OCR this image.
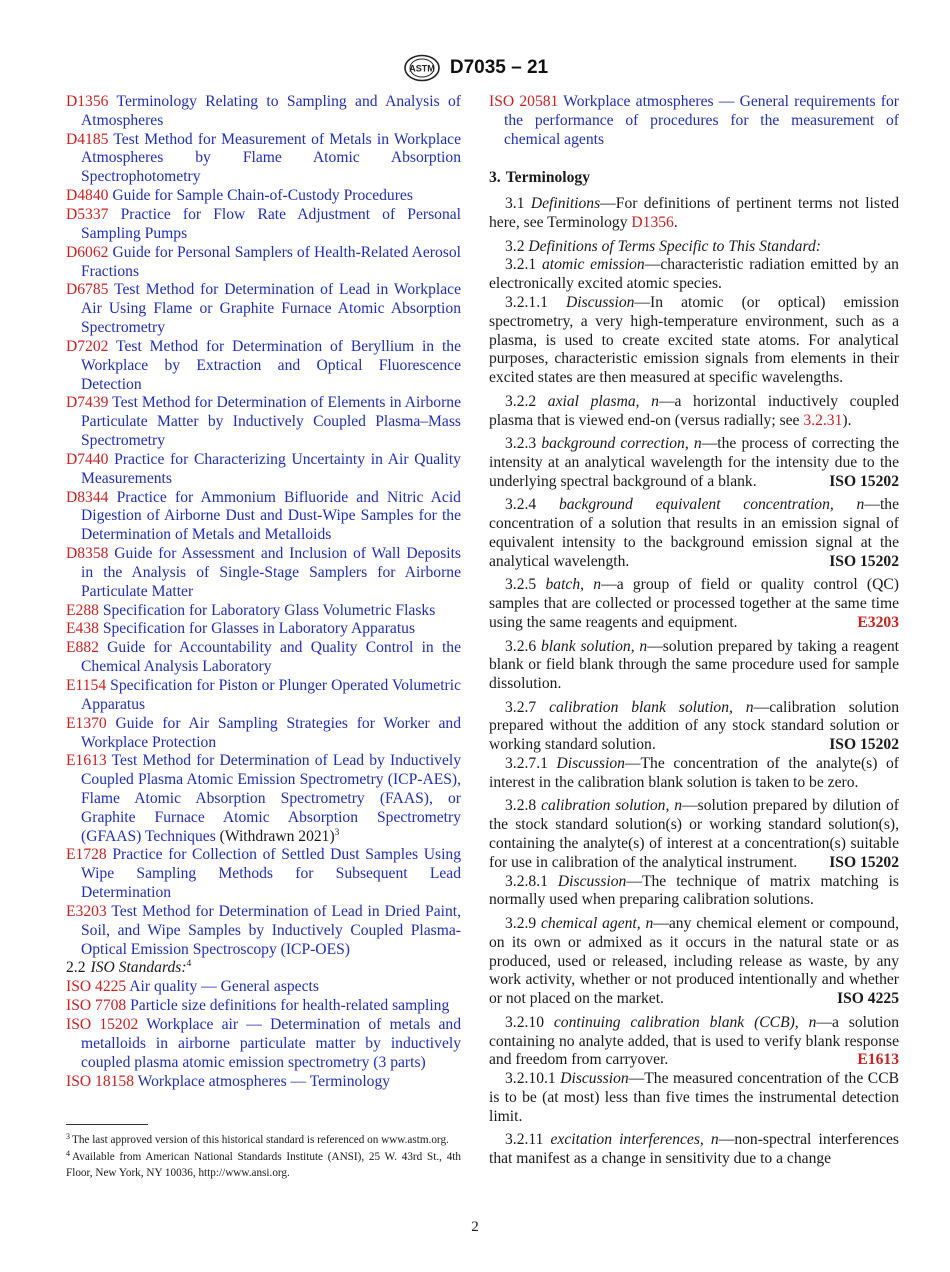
ASTM D7035 – 21

D1356 Terminology Relating to Sampling and Analysis of Atmospheres

D4185 Test Method for Measurement of Metals in Workplace Atmospheres by Flame Atomic Absorption Spectrophotometry

D4840 Guide for Sample Chain-of-Custody Procedures

D5337 Practice for Flow Rate Adjustment of Personal Sampling Pumps

D6062 Guide for Personal Samplers of Health-Related Aerosol Fractions

D6785 Test Method for Determination of Lead in Workplace Air Using Flame or Graphite Furnace Atomic Absorption Spectrometry

D7202 Test Method for Determination of Beryllium in the Workplace by Extraction and Optical Fluorescence Detection

D7439 Test Method for Determination of Elements in Airborne Particulate Matter by Inductively Coupled Plasma–Mass Spectrometry

D7440 Practice for Characterizing Uncertainty in Air Quality Measurements

D8344 Practice for Ammonium Bifluoride and Nitric Acid Digestion of Airborne Dust and Dust-Wipe Samples for the Determination of Metals and Metalloids

D8358 Guide for Assessment and Inclusion of Wall Deposits in the Analysis of Single-Stage Samplers for Airborne Particulate Matter

E288 Specification for Laboratory Glass Volumetric Flasks

E438 Specification for Glasses in Laboratory Apparatus

E882 Guide for Accountability and Quality Control in the Chemical Analysis Laboratory

E1154 Specification for Piston or Plunger Operated Volumetric Apparatus

E1370 Guide for Air Sampling Strategies for Worker and Workplace Protection

E1613 Test Method for Determination of Lead by Inductively Coupled Plasma Atomic Emission Spectrometry (ICP-AES), Flame Atomic Absorption Spectrometry (FAAS), or Graphite Furnace Atomic Absorption Spectrometry (GFAAS) Techniques (Withdrawn 2021)$^3$

E1728 Practice for Collection of Settled Dust Samples Using Wipe Sampling Methods for Subsequent Lead Determination

E3203 Test Method for Determination of Lead in Dried Paint, Soil, and Wipe Samples by Inductively Coupled Plasma-Optical Emission Spectroscopy (ICP-OES)

2.2 ISO Standards:$^4$

ISO 4225 Air quality — General aspects

ISO 7708 Particle size definitions for health-related sampling

ISO 15202 Workplace air — Determination of metals and metalloids in airborne particulate matter by inductively coupled plasma atomic emission spectrometry (3 parts)

ISO 18158 Workplace atmospheres — Terminology

$^3$ The last approved version of this historical standard is referenced on www.astm.org.

$^4$ Available from American National Standards Institute (ANSI), 25 W. 43rd St., 4th Floor, New York, NY 10036, http://www.ansi.org.

ISO 20581 Workplace atmospheres — General requirements for the performance of procedures for the measurement of chemical agents

3. Terminology

3.1 Definitions—For definitions of pertinent terms not listed here, see Terminology D1356.

3.2 Definitions of Terms Specific to This Standard:

3.2.1 atomic emission—characteristic radiation emitted by an electronically excited atomic species.

3.2.1.1 Discussion—In atomic (or optical) emission spectrometry, a very high-temperature environment, such as a plasma, is used to create excited state atoms. For analytical purposes, characteristic emission signals from elements in their excited states are then measured at specific wavelengths.

3.2.2 axial plasma, n—a horizontal inductively coupled plasma that is viewed end-on (versus radially; see 3.2.31).

3.2.3 background correction, n—the process of correcting the intensity at an analytical wavelength for the intensity due to the underlying spectral background of a blank.	ISO 15202

3.2.4 background equivalent concentration, n—the concentration of a solution that results in an emission signal of equivalent intensity to the background emission signal at the analytical wavelength.	ISO 15202

3.2.5 batch, n—a group of field or quality control (QC) samples that are collected or processed together at the same time using the same reagents and equipment.	E3203

3.2.6 blank solution, n—solution prepared by taking a reagent blank or field blank through the same procedure used for sample dissolution.

3.2.7 calibration blank solution, n—calibration solution prepared without the addition of any stock standard solution or working standard solution.	ISO 15202

3.2.7.1 Discussion—The concentration of the analyte(s) of interest in the calibration blank solution is taken to be zero.

3.2.8 calibration solution, n—solution prepared by dilution of the stock standard solution(s) or working standard solution(s), containing the analyte(s) of interest at a concentration(s) suitable for use in calibration of the analytical instrument. ISO 15202

3.2.8.1 Discussion—The technique of matrix matching is normally used when preparing calibration solutions.

3.2.9 chemical agent, n—any chemical element or compound, on its own or admixed as it occurs in the natural state or as produced, used or released, including release as waste, by any work activity, whether or not produced intentionally and whether or not placed on the market.	ISO 4225

3.2.10 continuing calibration blank (CCB), n—a solution containing no analyte added, that is used to verify blank response and freedom from carryover.	E1613

3.2.10.1 Discussion—The measured concentration of the CCB is to be (at most) less than five times the instrumental detection limit.

3.2.11 excitation interferences, n—non-spectral interferences that manifest as a change in sensitivity due to a change

2
